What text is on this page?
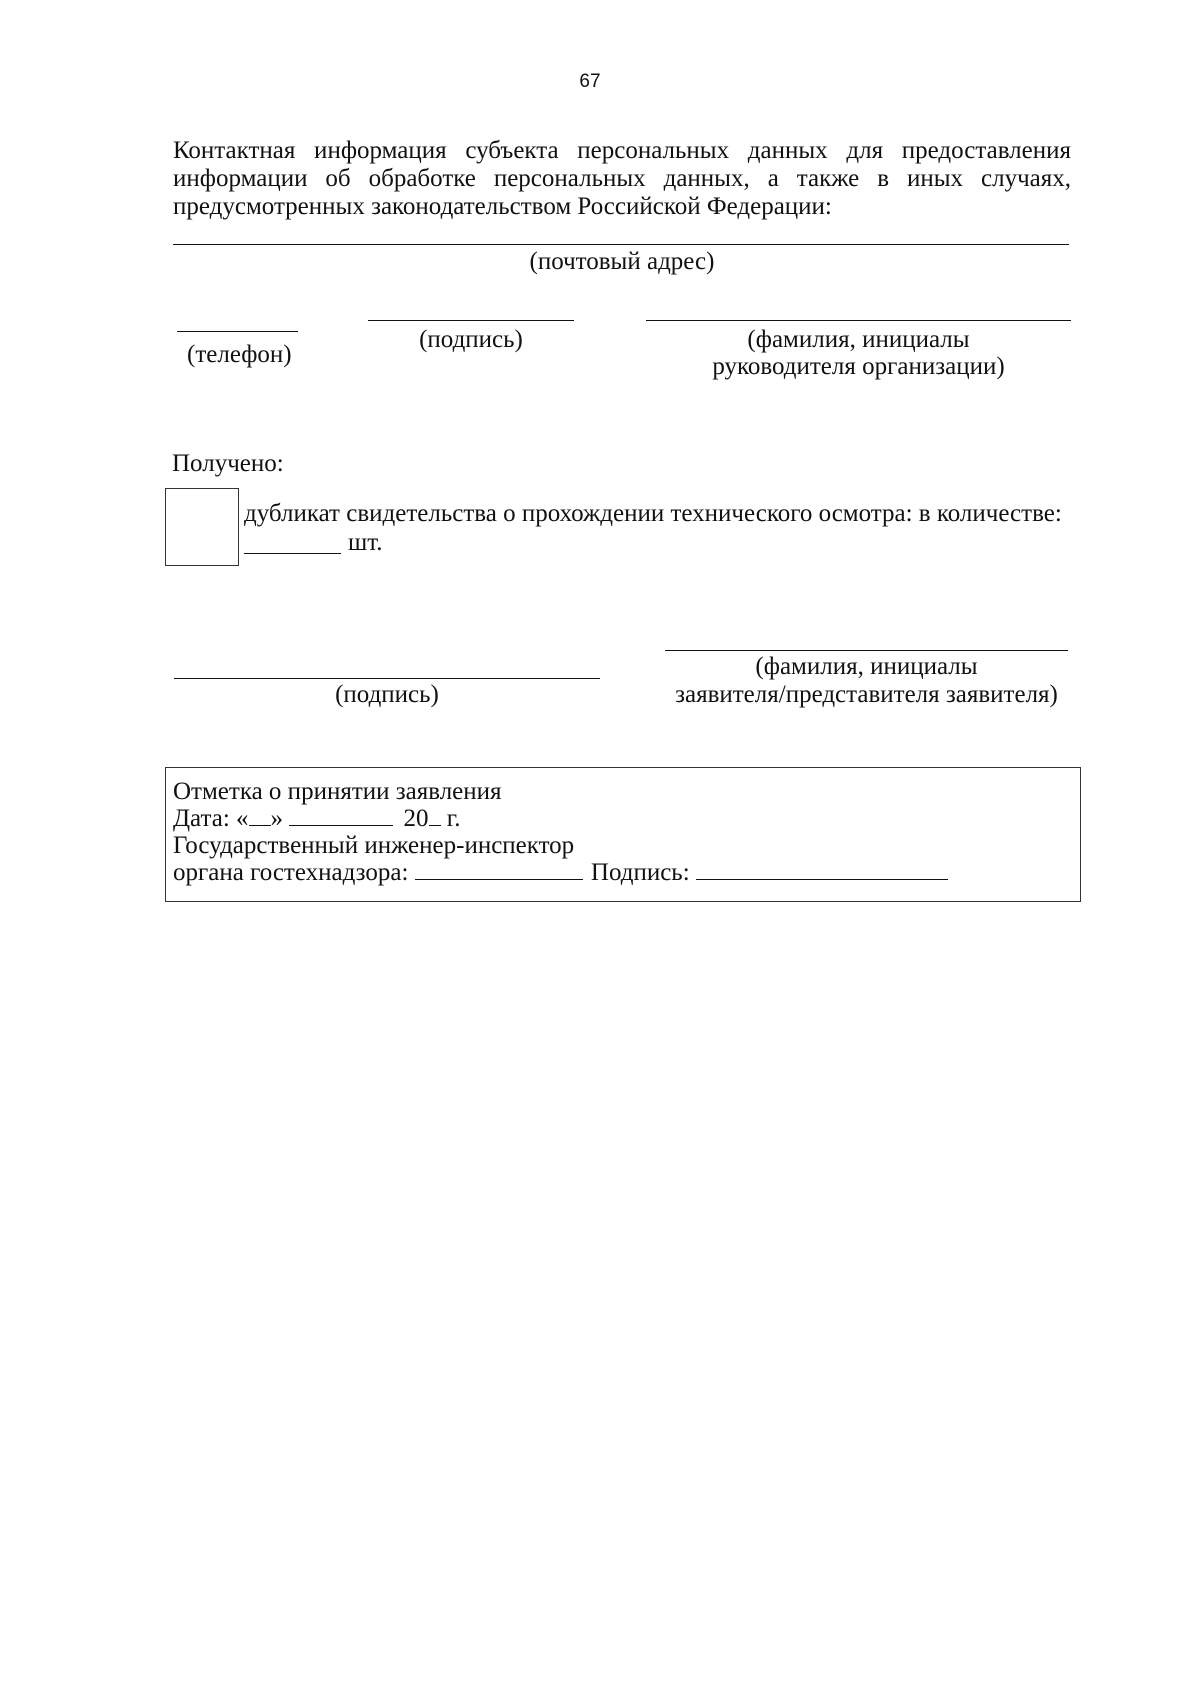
67
Контактная информация субъекта персональных данных для предоставления
информации об обработке персональных данных, а также в иных случаях,
предусмотренных законодательством Российской Федерации:
(почтовый адрес)
(телефон)
(подпись)	(фамилия, инициалы
руководителя организации)
Получено:
дубликат свидетельства о прохождении технического осмотра: в количестве:
шт.
(фамилия, инициалы
заявителя/представителя заявителя)
(подпись)
Отметка о принятии заявления
Дата: « »	20 г.
Государственный инженер-инспектор
органа гостехнадзора:	Подпись:
